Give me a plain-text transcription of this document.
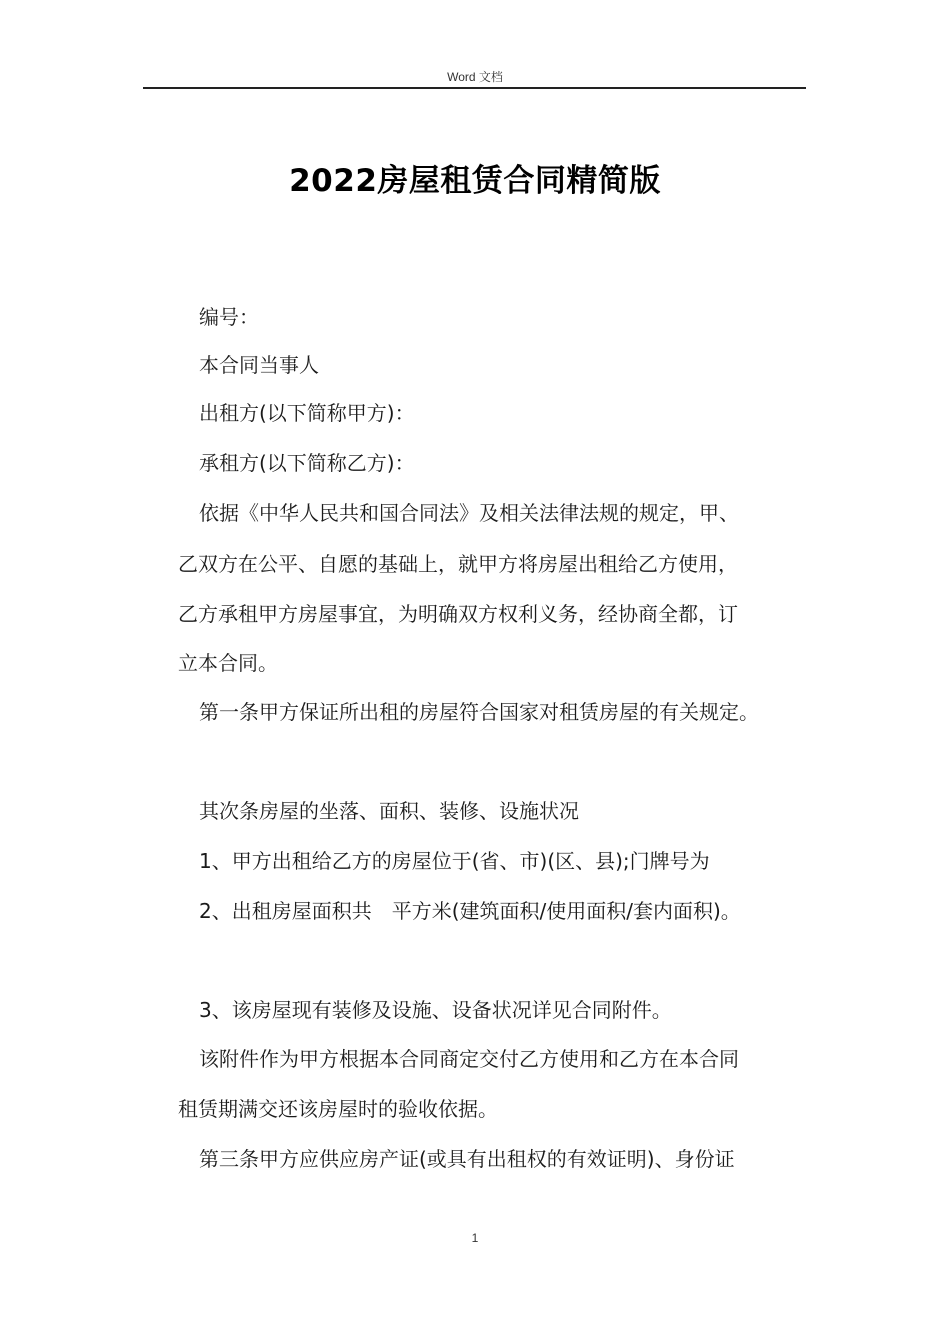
Word 文档
2022房屋租赁合同精简版
编号：
本合同当事人
出租方(以下简称甲方)：
承租方(以下简称乙方)：
依据《中华人民共和国合同法》及相关法律法规的规定，甲、
乙双方在公平、自愿的基础上，就甲方将房屋出租给乙方使用，
乙方承租甲方房屋事宜，为明确双方权利义务，经协商全都，订
立本合同。
第一条甲方保证所出租的房屋符合国家对租赁房屋的有关规定。
其次条房屋的坐落、面积、装修、设施状况
1、甲方出租给乙方的房屋位于(省、市)(区、县);门牌号为
2、出租房屋面积共　平方米(建筑面积/使用面积/套内面积)。
3、该房屋现有装修及设施、设备状况详见合同附件。
该附件作为甲方根据本合同商定交付乙方使用和乙方在本合同
租赁期满交还该房屋时的验收依据。
第三条甲方应供应房产证(或具有出租权的有效证明)、身份证
1
